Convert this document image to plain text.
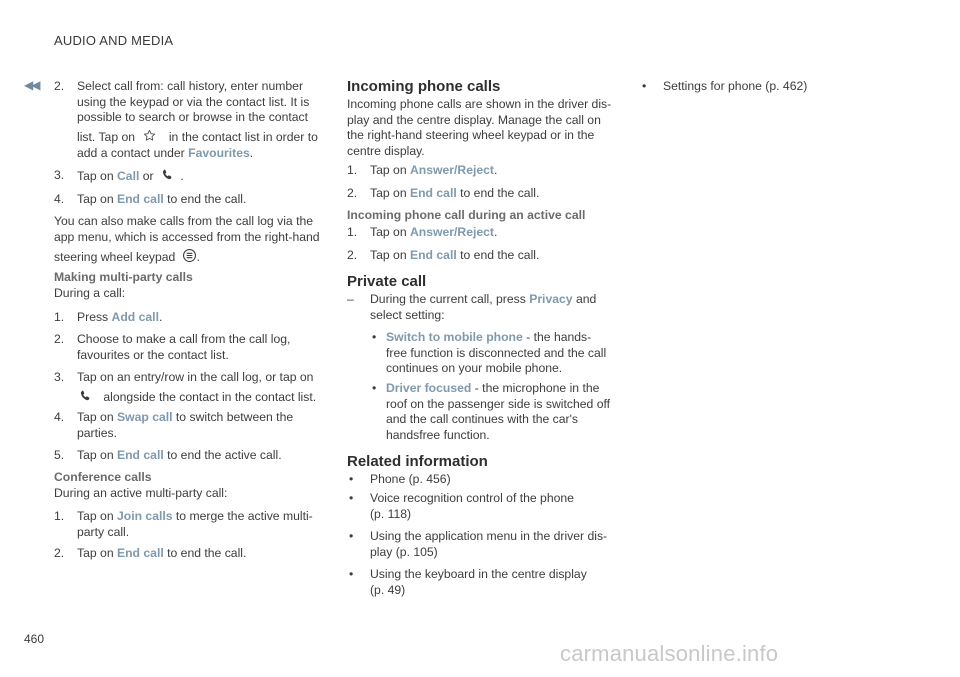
AUDIO AND MEDIA
◀◀ 2. Select call from: call history, enter number
using the keypad or via the contact list. It is
possible to search or browse in the contact
list. Tap on	in the contact list in order to
add a contact under Favourites.
3. Tap on Call or .
4. Tap on End call to end the call.
You can also make calls from the call log via the
app menu, which is accessed from the right-hand
steering wheel keypad .
Making multi-party calls
During a call:
1. Press Add call.
2. Choose to make a call from the call log,
favourites or the contact list.
3. Tap on an entry/row in the call log, or tap on
alongside the contact in the contact list.
4. Tap on Swap call to switch between the
parties.
5. Tap on End call to end the active call.
Conference calls
During an active multi-party call:
1. Tap on Join calls to merge the active multi-
party call.
2. Tap on End call to end the call.
Incoming phone calls
Incoming phone calls are shown in the driver dis-
play and the centre display. Manage the call on
the right-hand steering wheel keypad or in the
centre display.
1. Tap on Answer/Reject.
2. Tap on End call to end the call.
Incoming phone call during an active call
1. Tap on Answer/Reject.
2. Tap on End call to end the call.
Private call
– During the current call, press Privacy and
select setting:
• Switch to mobile phone - the hands-
free function is disconnected and the call
continues on your mobile phone.
• Driver focused - the microphone in the
roof on the passenger side is switched off
and the call continues with the car's
handsfree function.
Related information
• Phone (p. 456)
• Voice recognition control of the phone
(p. 118)
• Using the application menu in the driver dis-
play (p. 105)
• Using the keyboard in the centre display
(p. 49)
• Settings for phone (p. 462)
460
carmanualsonline.info
